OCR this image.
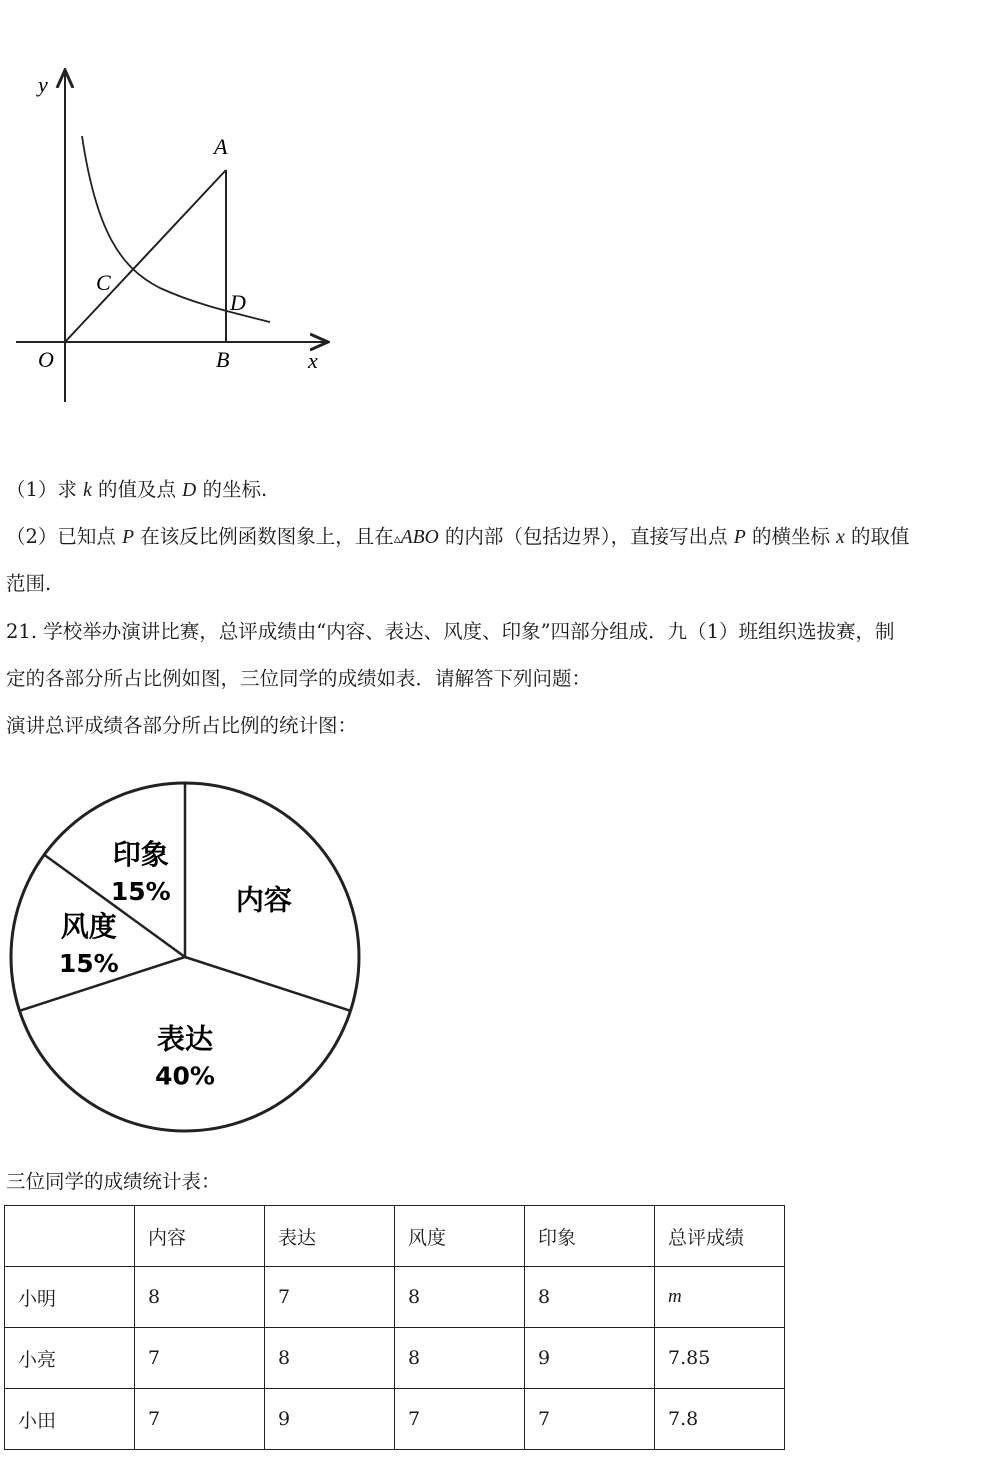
y
x
O
A
B
C
D
（1）求 k 的值及点 D 的坐标.
（2）已知点 P 在该反比例函数图象上，且在▵ABO 的内部（包括边界），直接写出点 P 的横坐标 x 的取值
范围.
21. 学校举办演讲比赛，总评成绩由“内容、表达、风度、印象”四部分组成．九（1）班组织选拔赛，制
定的各部分所占比例如图，三位同学的成绩如表．请解答下列问题：
演讲总评成绩各部分所占比例的统计图：
印象
15%
风度
15%
表达
40%
内容
三位同学的成绩统计表：
	内容	表达	风度	印象	总评成绩
小明	8	7	8	8	m
小亮	7	8	8	9	7.85
小田	7	9	7	7	7.8
